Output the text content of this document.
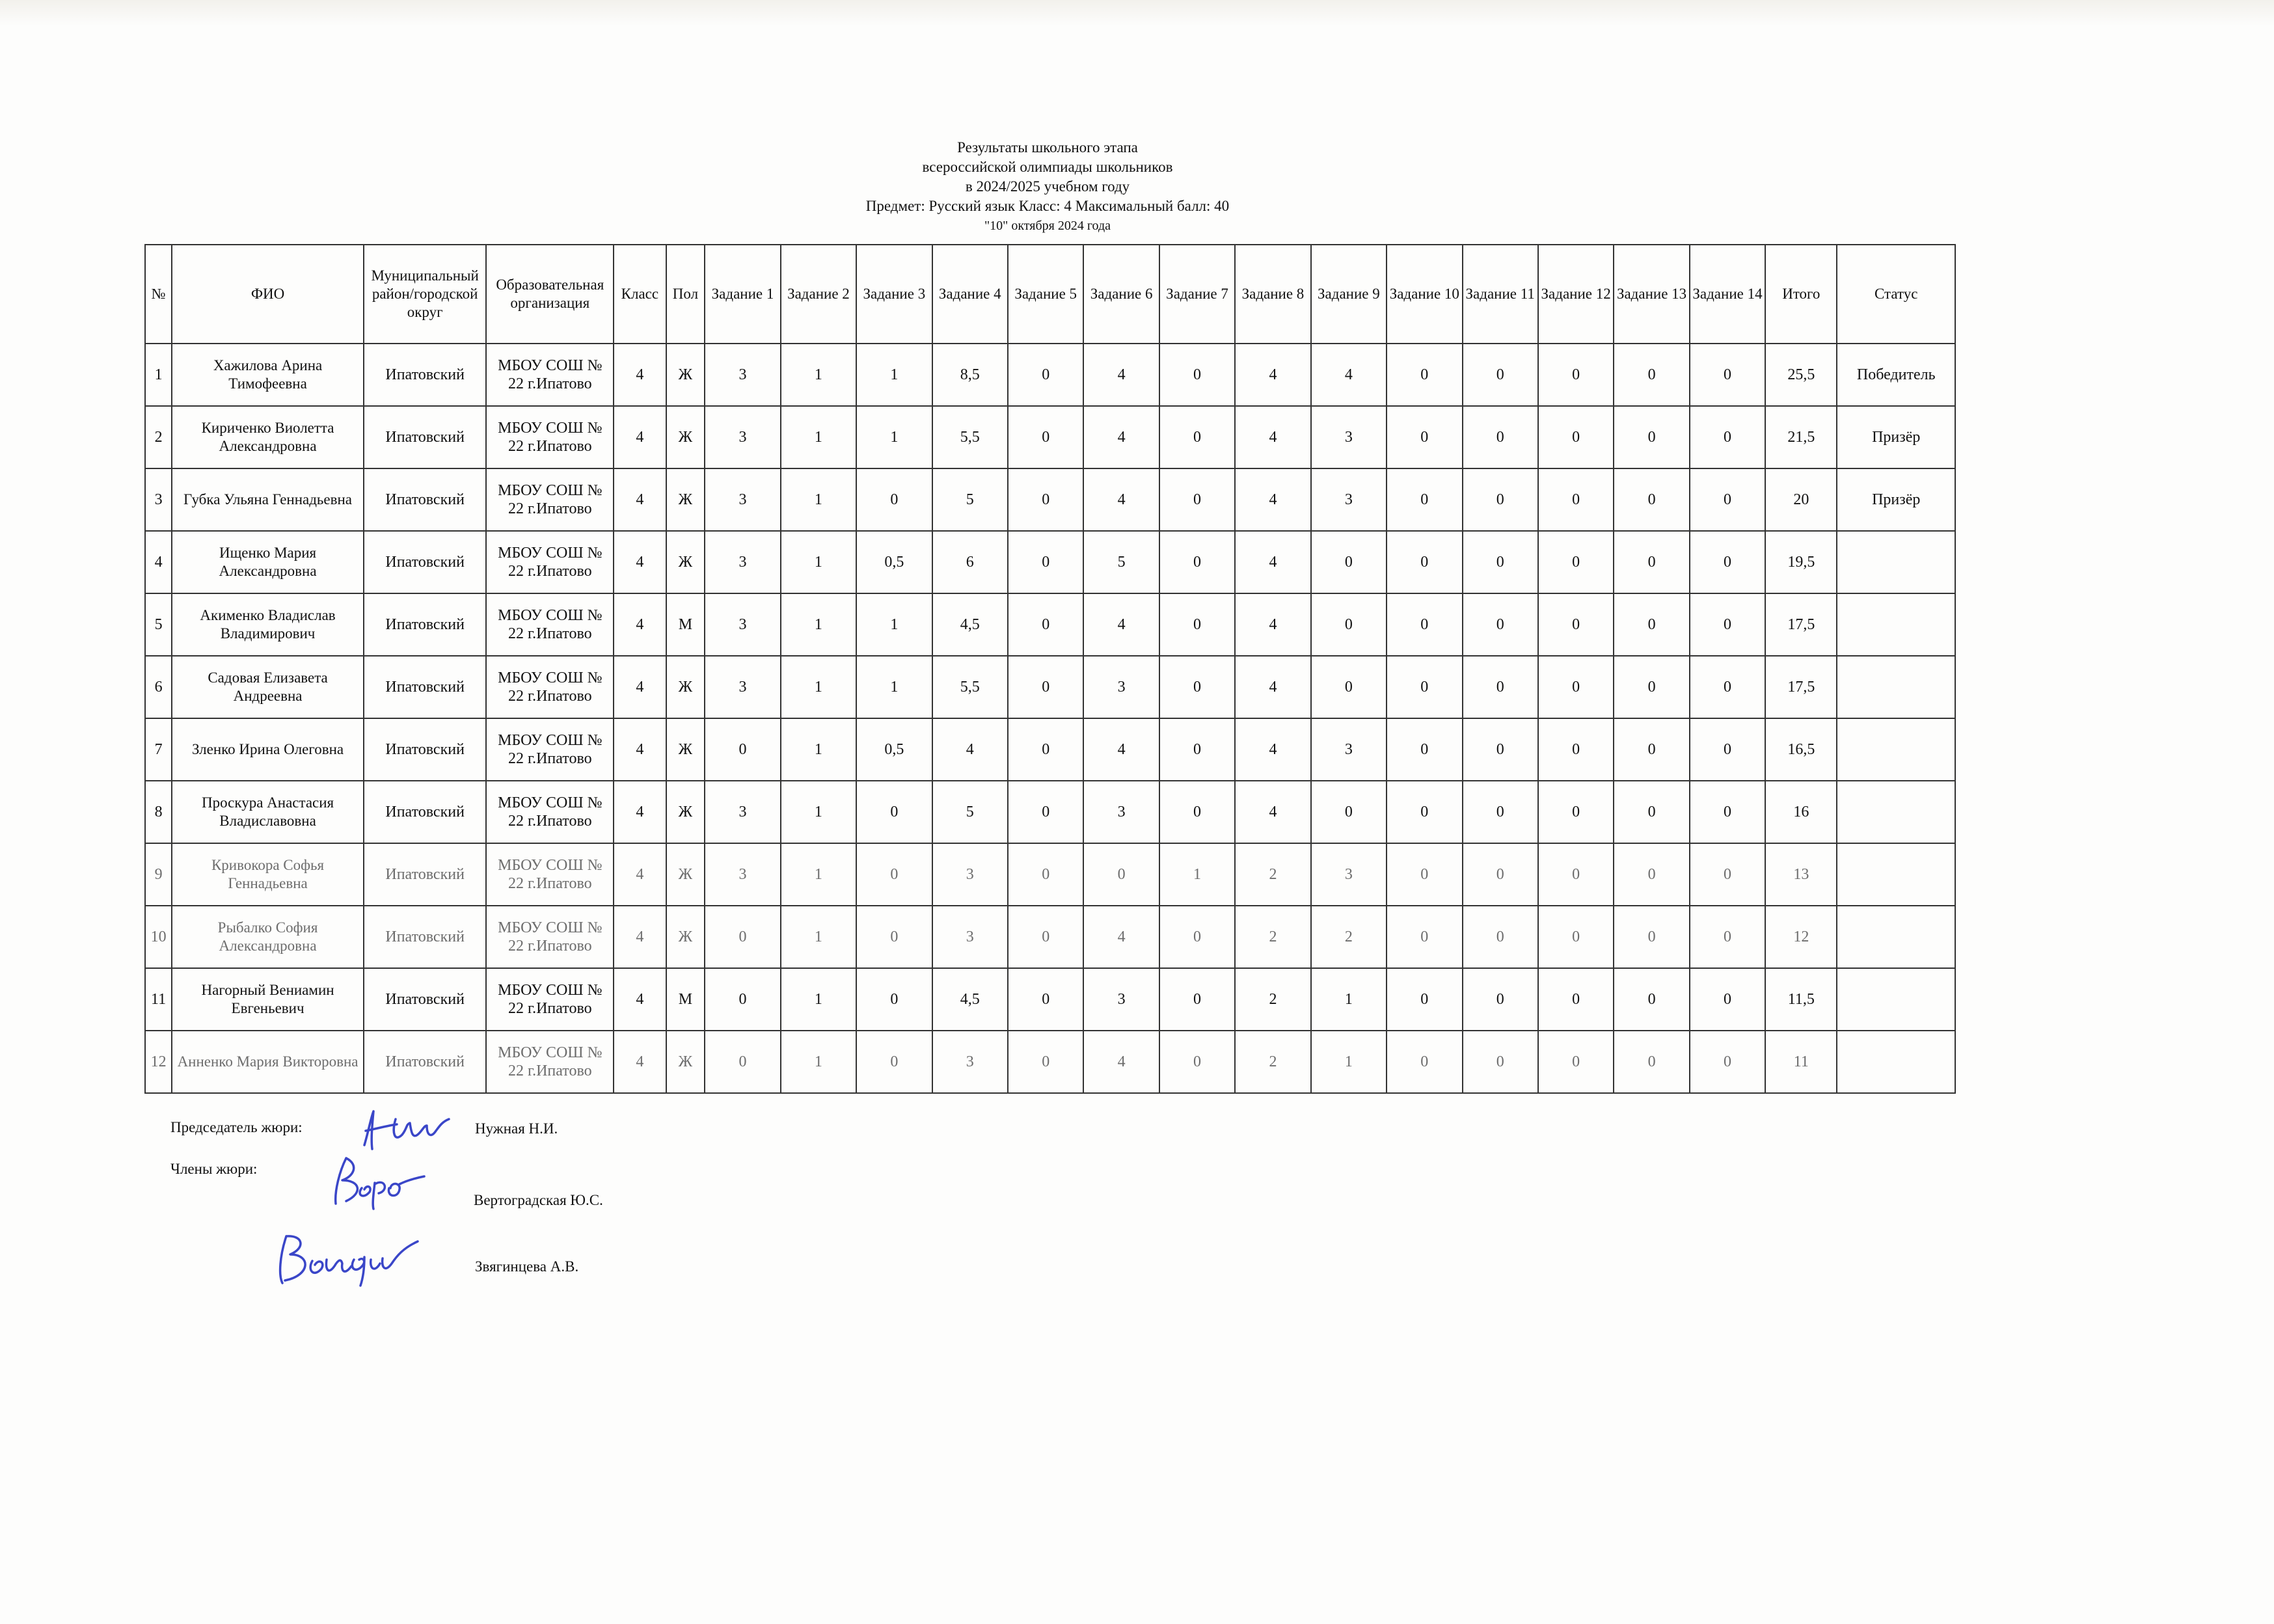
Результаты школьного этапа
всероссийской олимпиады школьников
в 2024/2025 учебном году
Предмет: Русский язык Класс: 4 Максимальный балл: 40
"10" октября 2024 года
№	ФИО	Муниципальный район/городской округ	Образовательная организация	Класс	Пол	Задание 1	Задание 2	Задание 3	Задание 4	Задание 5	Задание 6	Задание 7	Задание 8	Задание 9	Задание 10	Задание 11	Задание 12	Задание 13	Задание 14	Итого	Статус
1	Хажилова Арина Тимофеевна	Ипатовский	МБОУ СОШ № 22 г.Ипатово	4	Ж	3	1	1	8,5	0	4	0	4	4	0	0	0	0	0	25,5	Победитель
2	Кириченко Виолетта Александровна	Ипатовский	МБОУ СОШ № 22 г.Ипатово	4	Ж	3	1	1	5,5	0	4	0	4	3	0	0	0	0	0	21,5	Призёр
3	Губка Ульяна Геннадьевна	Ипатовский	МБОУ СОШ № 22 г.Ипатово	4	Ж	3	1	0	5	0	4	0	4	3	0	0	0	0	0	20	Призёр
4	Ищенко Мария Александровна	Ипатовский	МБОУ СОШ № 22 г.Ипатово	4	Ж	3	1	0,5	6	0	5	0	4	0	0	0	0	0	0	19,5	
5	Акименко Владислав Владимирович	Ипатовский	МБОУ СОШ № 22 г.Ипатово	4	М	3	1	1	4,5	0	4	0	4	0	0	0	0	0	0	17,5	
6	Садовая Елизавета Андреевна	Ипатовский	МБОУ СОШ № 22 г.Ипатово	4	Ж	3	1	1	5,5	0	3	0	4	0	0	0	0	0	0	17,5	
7	Зленко Ирина Олеговна	Ипатовский	МБОУ СОШ № 22 г.Ипатово	4	Ж	0	1	0,5	4	0	4	0	4	3	0	0	0	0	0	16,5	
8	Проскура Анастасия Владиславовна	Ипатовский	МБОУ СОШ № 22 г.Ипатово	4	Ж	3	1	0	5	0	3	0	4	0	0	0	0	0	0	16	
9	Кривокора Софья Геннадьевна	Ипатовский	МБОУ СОШ № 22 г.Ипатово	4	Ж	3	1	0	3	0	0	1	2	3	0	0	0	0	0	13	
10	Рыбалко София Александровна	Ипатовский	МБОУ СОШ № 22 г.Ипатово	4	Ж	0	1	0	3	0	4	0	2	2	0	0	0	0	0	12	
11	Нагорный Вениамин Евгеньевич	Ипатовский	МБОУ СОШ № 22 г.Ипатово	4	М	0	1	0	4,5	0	3	0	2	1	0	0	0	0	0	11,5	
12	Анненко Мария Викторовна	Ипатовский	МБОУ СОШ № 22 г.Ипатово	4	Ж	0	1	0	3	0	4	0	2	1	0	0	0	0	0	11	
Председатель жюри:
Члены жюри:
Нужная Н.И.
Вертоградская Ю.С.
Звягинцева А.В.
